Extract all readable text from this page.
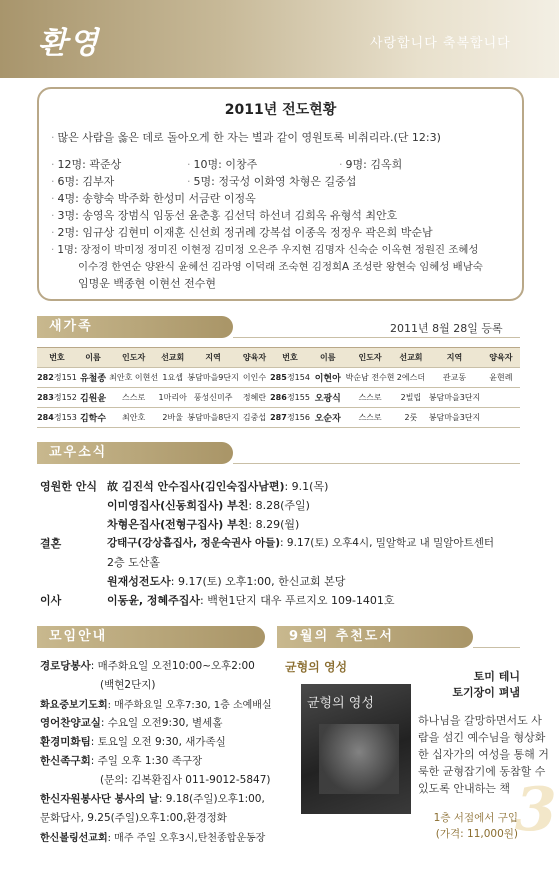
환영	사랑합니다 축복합니다
2011년 전도현황
· 많은 사람을 옳은 데로 돌아오게 한 자는 별과 같이 영원토록 비취리라.(단 12:3)
· 12명: 곽준상	· 10명: 이창주	· 9명: 김옥희
· 6명: 김부자	· 5명: 정국성 이화영 차형은 길중섭
· 4명: 송향숙 박주화 한성미 서금란 이정옥
· 3명: 송영옥 장범식 임동선 윤춘홍 김선덕 하선녀 김희옥 유형석 최안호
· 2명: 임규상 김현미 이재훈 신선희 정귀례 강복섭 이종옥 정정우 곽은희 박순남
· 1명: 장정이 박미정 정미진 이현정 김미정 오은주 우지현 김명자 신숙순 이옥현 정원진 조혜성
이수경 한연순 양완식 윤혜선 김라영 이덕래 조숙현 김정희A 조성란 왕현숙 임혜성 배남숙
임명운 백종현 이현선 전수현
새가족	2011년 8월 28일 등록
번호		이름	인도자	선교회	지역	양육자
282	정151	유철종	최안호 이현선	1요셉	봉담마을9단지	이인수
283	정152	김원윤	스스로	1마리아	풍성신미주	정혜란
284	정153	김학수	최안호	2바울	봉담마을8단지	김중섭
번호		이름	인도자	선교회	지역	양육자
285	정154	이현아	박순남 전수현	2에스더	관교동	윤현례
286	정155	오광식	스스로	2빌립	봉담마을3단지	
287	정156	오순자	스스로	2룻	봉담마을3단지	
교우소식
영원한 안식 故 김진석 안수집사(김인숙집사남편): 9.1(목)
이미영집사(신동희집사) 부친: 8.28(주일)
차형은집사(전형구집사) 부친: 8.29(월)
결혼	강태구(강상흡집사, 정운숙권사 아들): 9.17(토) 오후4시, 밀알학교 내 밀알아트센터
2층 도산홀
원재성전도사: 9.17(토) 오후1:00, 한신교회 본당
이사	이동윤, 정혜주집사: 백현1단지 대우 푸르지오 109-1401호
모임안내
경로당봉사: 매주화요일 오전10:00~오후2:00
(백현2단지)
화요중보기도회: 매주화요일 오후7:30, 1층 소예배실
영어찬양교실: 수요일 오전9:30, 별세홀
환경미화팀: 토요일 오전 9:30, 새가족실
한신족구회: 주일 오후 1:30 족구장
(문의: 김복환집사 011-9012-5847)
한신자원봉사단 봉사의 날: 9.18(주일)오후1:00,
문화답사, 9.25(주일)오후1:00,환경정화
한신볼링선교회: 매주 주일 오후3시,탄천종합운동장
9월의 추천도서
균형의 영성
토미 테니
토기장이 펴냄
균형의 영성
하나님을 갈망하면서도 사
람을 섬긴 예수님을 형상화
한 십자가의 여성을 통해 거
룩한 균형잡기에 동참할 수
있도록 안내하는 책 3
1층 서점에서 구입
(가격: 11,000원)
